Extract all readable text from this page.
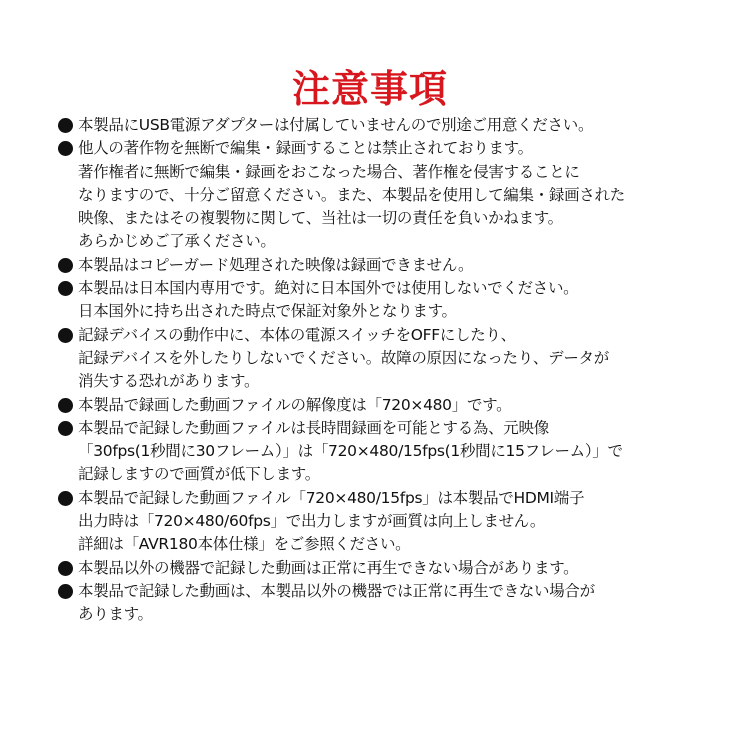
注意事項
本製品にUSB電源アダプターは付属していませんので別途ご用意ください。
他人の著作物を無断で編集・録画することは禁止されております。
著作権者に無断で編集・録画をおこなった場合、著作権を侵害することに
なりますので、十分ご留意ください。また、本製品を使用して編集・録画された
映像、またはその複製物に関して、当社は一切の責任を負いかねます。
あらかじめご了承ください。
本製品はコピーガード処理された映像は録画できません。
本製品は日本国内専用です。絶対に日本国外では使用しないでください。
日本国外に持ち出された時点で保証対象外となります。
記録デバイスの動作中に、本体の電源スイッチをOFFにしたり、
記録デバイスを外したりしないでください。故障の原因になったり、データが
消失する恐れがあります。
本製品で録画した動画ファイルの解像度は「720×480」です。
本製品で記録した動画ファイルは長時間録画を可能とする為、元映像
「30fps(1秒間に30フレーム）」は「720×480/15fps(1秒間に15フレーム）」で
記録しますので画質が低下します。
本製品で記録した動画ファイル「720×480/15fps」は本製品でHDMI端子
出力時は「720×480/60fps」で出力しますが画質は向上しません。
詳細は「AVR180本体仕様」をご参照ください。
本製品以外の機器で記録した動画は正常に再生できない場合があります。
本製品で記録した動画は、本製品以外の機器では正常に再生できない場合が
あります。
